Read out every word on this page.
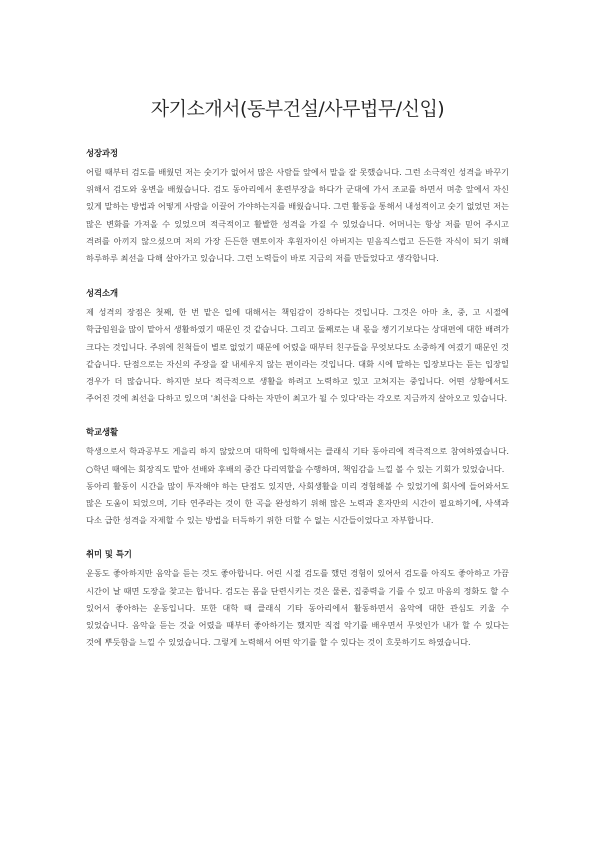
자기소개서(동부건설/사무법무/신입)
성장과정

어릴 때부터 검도를 배웠던 저는 숫기가 없어서 많은 사람들 앞에서 말을 잘 못했습니다. 그런 소극적인 성격을 바꾸기 위해서 검도와 웅변을 배웠습니다. 검도 동아리에서 훈련부장을 하다가 군대에 가서 조교를 하면서 며총 앞에서 자신 있게 말하는 방법과 어떻게 사람을 이끌어 가야하는지를 배웠습니다. 그런 활동을 통해서 내성적이고 숫기 없었던 저는 많은 변화를 가져올 수 있었으며 적극적이고 활발한 성격을 가질 수 있었습니다. 어머니는 항상 저를 믿어 주시고 격려를 아끼지 않으셨으며 저의 가장 든든한 멘토이자 후원자이신 아버지는 믿음직스럽고 든든한 자식이 되기 위해 하루하루 최선을 다해 살아가고 있습니다. 그런 노력들이 바로 지금의 저를 만들었다고 생각합니다.

성격소개

제 성격의 장점은 첫째, 한 번 맡은 일에 대해서는 책임감이 강하다는 것입니다. 그것은 아마 초, 중, 고 시절에 학급임원을 많이 맡아서 생활하였기 때문인 것 같습니다. 그리고 둘째로는 내 몫을 챙기기보다는 상대편에 대한 배려가 크다는 것입니다. 주위에 친척들이 별로 없었기 때문에 어렸을 때부터 친구들을 무엇보다도 소중하게 여겼기 때문인 것 같습니다. 단점으로는 자신의 주장을 잘 내세우지 않는 편이라는 것입니다. 대화 시에 말하는 입장보다는 듣는 입장일 경우가 더 많습니다. 하지만 보다 적극적으로 생활을 하려고 노력하고 있고 고쳐지는 중입니다. 어떤 상황에서도 주어진 것에 최선을 다하고 있으며 '최선을 다하는 자만이 최고가 될 수 있다'라는 각오로 지금까지 살아오고 있습니다.

학교생활

학생으로서 학과공부도 게을리 하지 않았으며 대학에 입학해서는 클래식 기타 동아리에 적극적으로 참여하였습니다. ○학년 때에는 회장직도 맡아 선배와 후배의 중간 다리역할을 수행하며, 책임감을 느낄 볼 수 있는 기회가 있었습니다.

동아리 활동이 시간을 많이 투자해야 하는 단점도 있지만, 사회생활을 미리 경험해볼 수 있었기에 회사에 들어와서도 많은 도움이 되었으며, 기타 연주라는 것이 한 곡을 완성하기 위해 많은 노력과 혼자만의 시간이 필요하기에, 사색과 다소 급한 성격을 자제할 수 있는 방법을 터득하기 위한 더할 수 없는 시간들이었다고 자부합니다.

취미 및 특기

운동도 좋아하지만 음악을 듣는 것도 좋아합니다. 어린 시절 검도를 했던 경험이 있어서 검도를 아직도 좋아하고 가끔 시간이 날 때면 도장을 찾고는 합니다. 검도는 몸을 단련시키는 것은 물론, 집중력을 기를 수 있고 마음의 정화도 할 수 있어서 좋아하는 운동입니다. 또한 대학 때 클래식 기타 동아리에서 활동하면서 음악에 대한 관심도 키울 수 있었습니다. 음악을 듣는 것을 어렸을 때부터 좋아하기는 했지만 직접 악기를 배우면서 무엇인가 내가 할 수 있다는 것에 뿌듯함을 느낄 수 있었습니다. 그렇게 노력해서 어떤 악기를 할 수 있다는 것이 흐뭇하기도 하였습니다.
